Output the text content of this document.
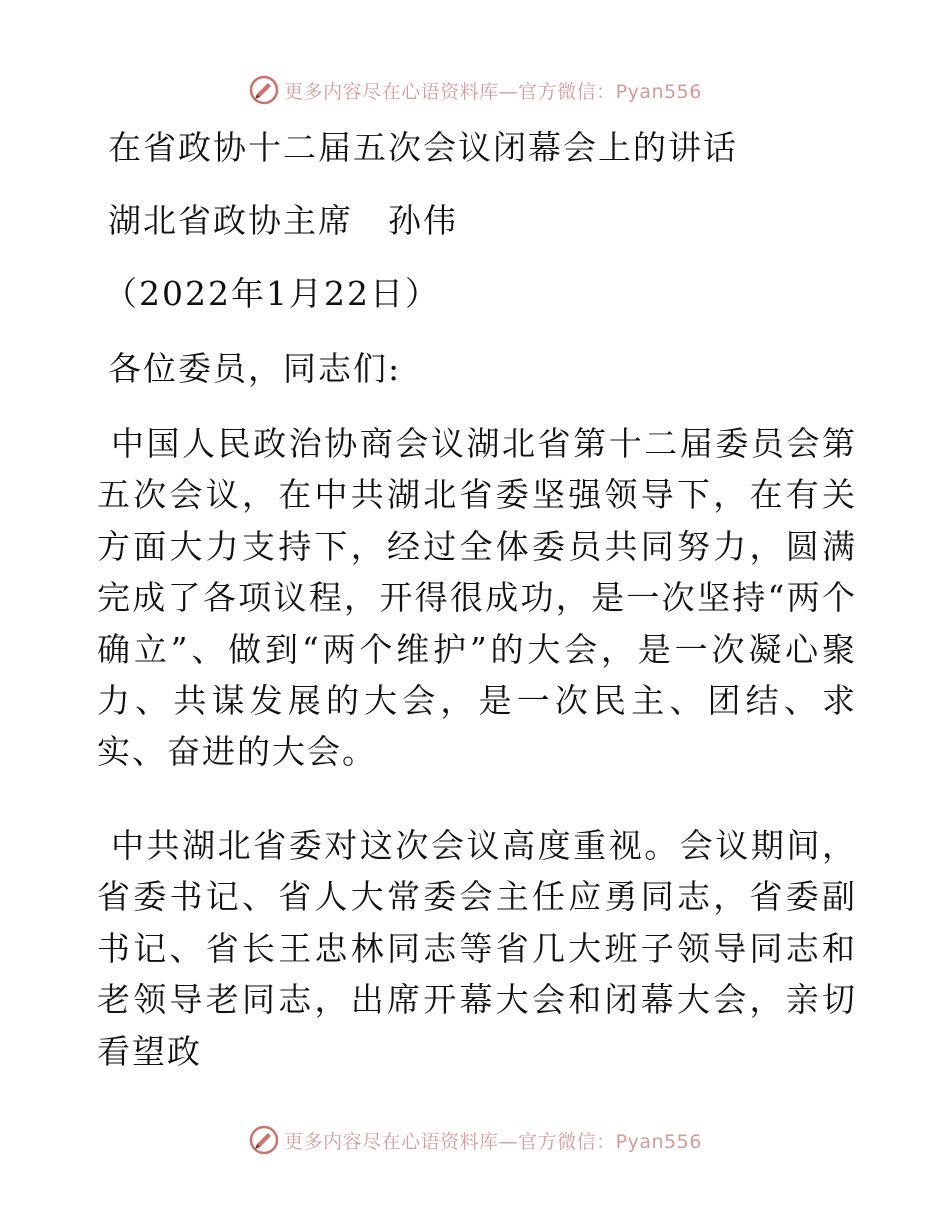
更多内容尽在心语资料库—官方微信：Pyan556
在省政协十二届五次会议闭幕会上的讲话
湖北省政协主席　孙伟
（2022年1月22日）
各位委员，同志们:
中国人民政治协商会议湖北省第十二届委员会第五次会议，在中共湖北省委坚强领导下，在有关方面大力支持下，经过全体委员共同努力，圆满完成了各项议程，开得很成功，是一次坚持“两个确立”、做到“两个维护”的大会，是一次凝心聚力、共谋发展的大会，是一次民主、团结、求实、奋进的大会。
中共湖北省委对这次会议高度重视。会议期间，省委书记、省人大常委会主任应勇同志，省委副书记、省长王忠林同志等省几大班子领导同志和老领导老同志，出席开幕大会和闭幕大会，亲切看望政
更多内容尽在心语资料库—官方微信：Pyan556
